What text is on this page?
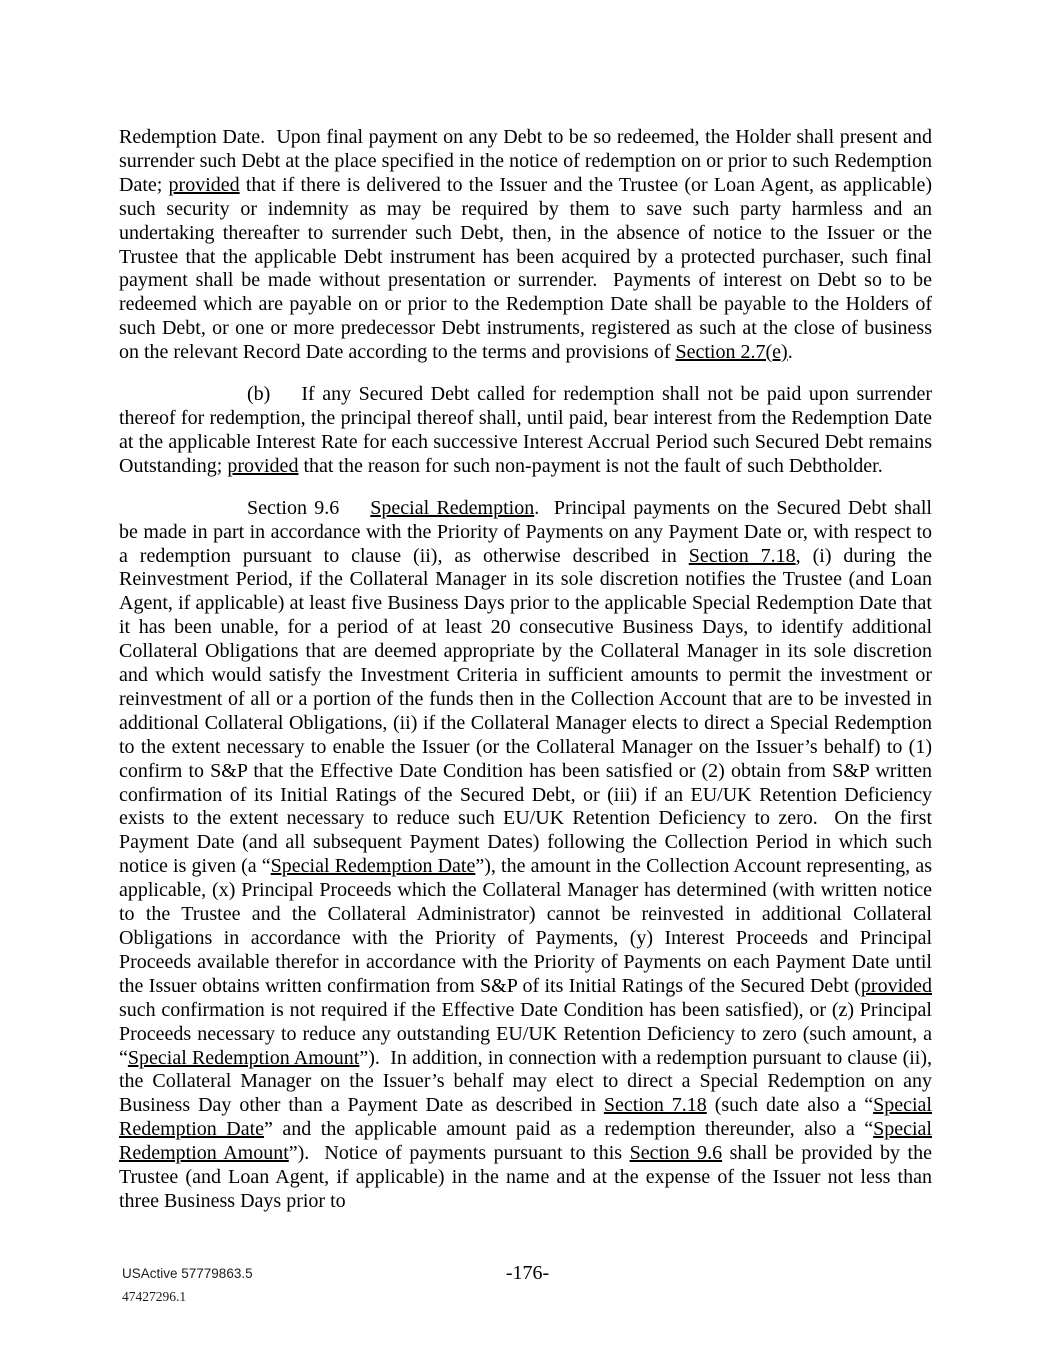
Redemption Date.  Upon final payment on any Debt to be so redeemed, the Holder shall present and surrender such Debt at the place specified in the notice of redemption on or prior to such Redemption Date; provided that if there is delivered to the Issuer and the Trustee (or Loan Agent, as applicable) such security or indemnity as may be required by them to save such party harmless and an undertaking thereafter to surrender such Debt, then, in the absence of notice to the Issuer or the Trustee that the applicable Debt instrument has been acquired by a protected purchaser, such final payment shall be made without presentation or surrender.  Payments of interest on Debt so to be redeemed which are payable on or prior to the Redemption Date shall be payable to the Holders of such Debt, or one or more predecessor Debt instruments, registered as such at the close of business on the relevant Record Date according to the terms and provisions of Section 2.7(e).

(b) If any Secured Debt called for redemption shall not be paid upon surrender thereof for redemption, the principal thereof shall, until paid, bear interest from the Redemption Date at the applicable Interest Rate for each successive Interest Accrual Period such Secured Debt remains Outstanding; provided that the reason for such non-payment is not the fault of such Debtholder.

Section 9.6 Special Redemption.  Principal payments on the Secured Debt shall be made in part in accordance with the Priority of Payments on any Payment Date or, with respect to a redemption pursuant to clause (ii), as otherwise described in Section 7.18, (i) during the Reinvestment Period, if the Collateral Manager in its sole discretion notifies the Trustee (and Loan Agent, if applicable) at least five Business Days prior to the applicable Special Redemption Date that it has been unable, for a period of at least 20 consecutive Business Days, to identify additional Collateral Obligations that are deemed appropriate by the Collateral Manager in its sole discretion and which would satisfy the Investment Criteria in sufficient amounts to permit the investment or reinvestment of all or a portion of the funds then in the Collection Account that are to be invested in additional Collateral Obligations, (ii) if the Collateral Manager elects to direct a Special Redemption to the extent necessary to enable the Issuer (or the Collateral Manager on the Issuer’s behalf) to (1) confirm to S&P that the Effective Date Condition has been satisfied or (2) obtain from S&P written confirmation of its Initial Ratings of the Secured Debt, or (iii) if an EU/UK Retention Deficiency exists to the extent necessary to reduce such EU/UK Retention Deficiency to zero.  On the first Payment Date (and all subsequent Payment Dates) following the Collection Period in which such notice is given (a “Special Redemption Date”), the amount in the Collection Account representing, as applicable, (x) Principal Proceeds which the Collateral Manager has determined (with written notice to the Trustee and the Collateral Administrator) cannot be reinvested in additional Collateral Obligations in accordance with the Priority of Payments, (y) Interest Proceeds and Principal Proceeds available therefor in accordance with the Priority of Payments on each Payment Date until the Issuer obtains written confirmation from S&P of its Initial Ratings of the Secured Debt (provided such confirmation is not required if the Effective Date Condition has been satisfied), or (z) Principal Proceeds necessary to reduce any outstanding EU/UK Retention Deficiency to zero (such amount, a “Special Redemption Amount”).  In addition, in connection with a redemption pursuant to clause (ii), the Collateral Manager on the Issuer’s behalf may elect to direct a Special Redemption on any Business Day other than a Payment Date as described in Section 7.18 (such date also a “Special Redemption Date” and the applicable amount paid as a redemption thereunder, also a “Special Redemption Amount”).  Notice of payments pursuant to this Section 9.6 shall be provided by the Trustee (and Loan Agent, if applicable) in the name and at the expense of the Issuer not less than three Business Days prior to

USActive 57779863.5	-176-
47427296.1
